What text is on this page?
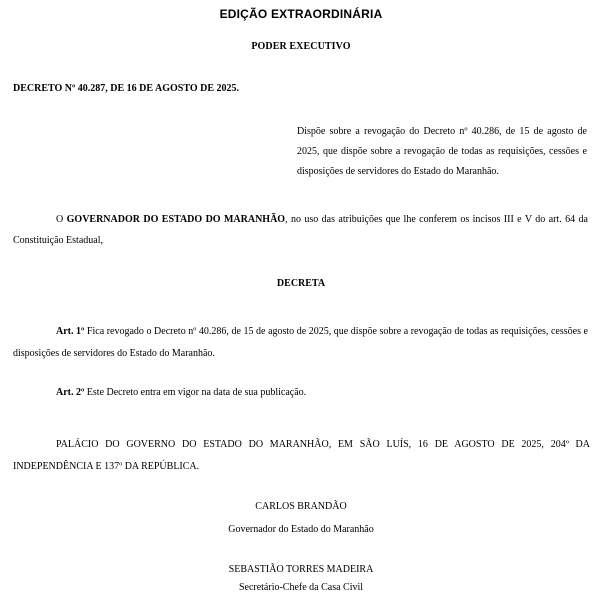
EDIÇÃO EXTRAORDINÁRIA
PODER EXECUTIVO
DECRETO Nº 40.287, DE 16 DE AGOSTO DE 2025.
Dispõe sobre a revogação do Decreto nº 40.286, de 15 de agosto de 2025, que dispõe sobre a revogação de todas as requisições, cessões e disposições de servidores do Estado do Maranhão.
O GOVERNADOR DO ESTADO DO MARANHÃO, no uso das atribuições que lhe conferem os incisos III e V do art. 64 da Constituição Estadual,
DECRETA
Art. 1º Fica revogado o Decreto nº 40.286, de 15 de agosto de 2025, que dispõe sobre a revogação de todas as requisições, cessões e disposições de servidores do Estado do Maranhão.
Art. 2º Este Decreto entra em vigor na data de sua publicação.
PALÁCIO DO GOVERNO DO ESTADO DO MARANHÃO, EM SÃO LUÍS, 16 DE AGOSTO DE 2025, 204º DA INDEPENDÊNCIA E 137º DA REPÚBLICA.
CARLOS BRANDÃO
Governador do Estado do Maranhão
SEBASTIÃO TORRES MADEIRA
Secretário-Chefe da Casa Civil
